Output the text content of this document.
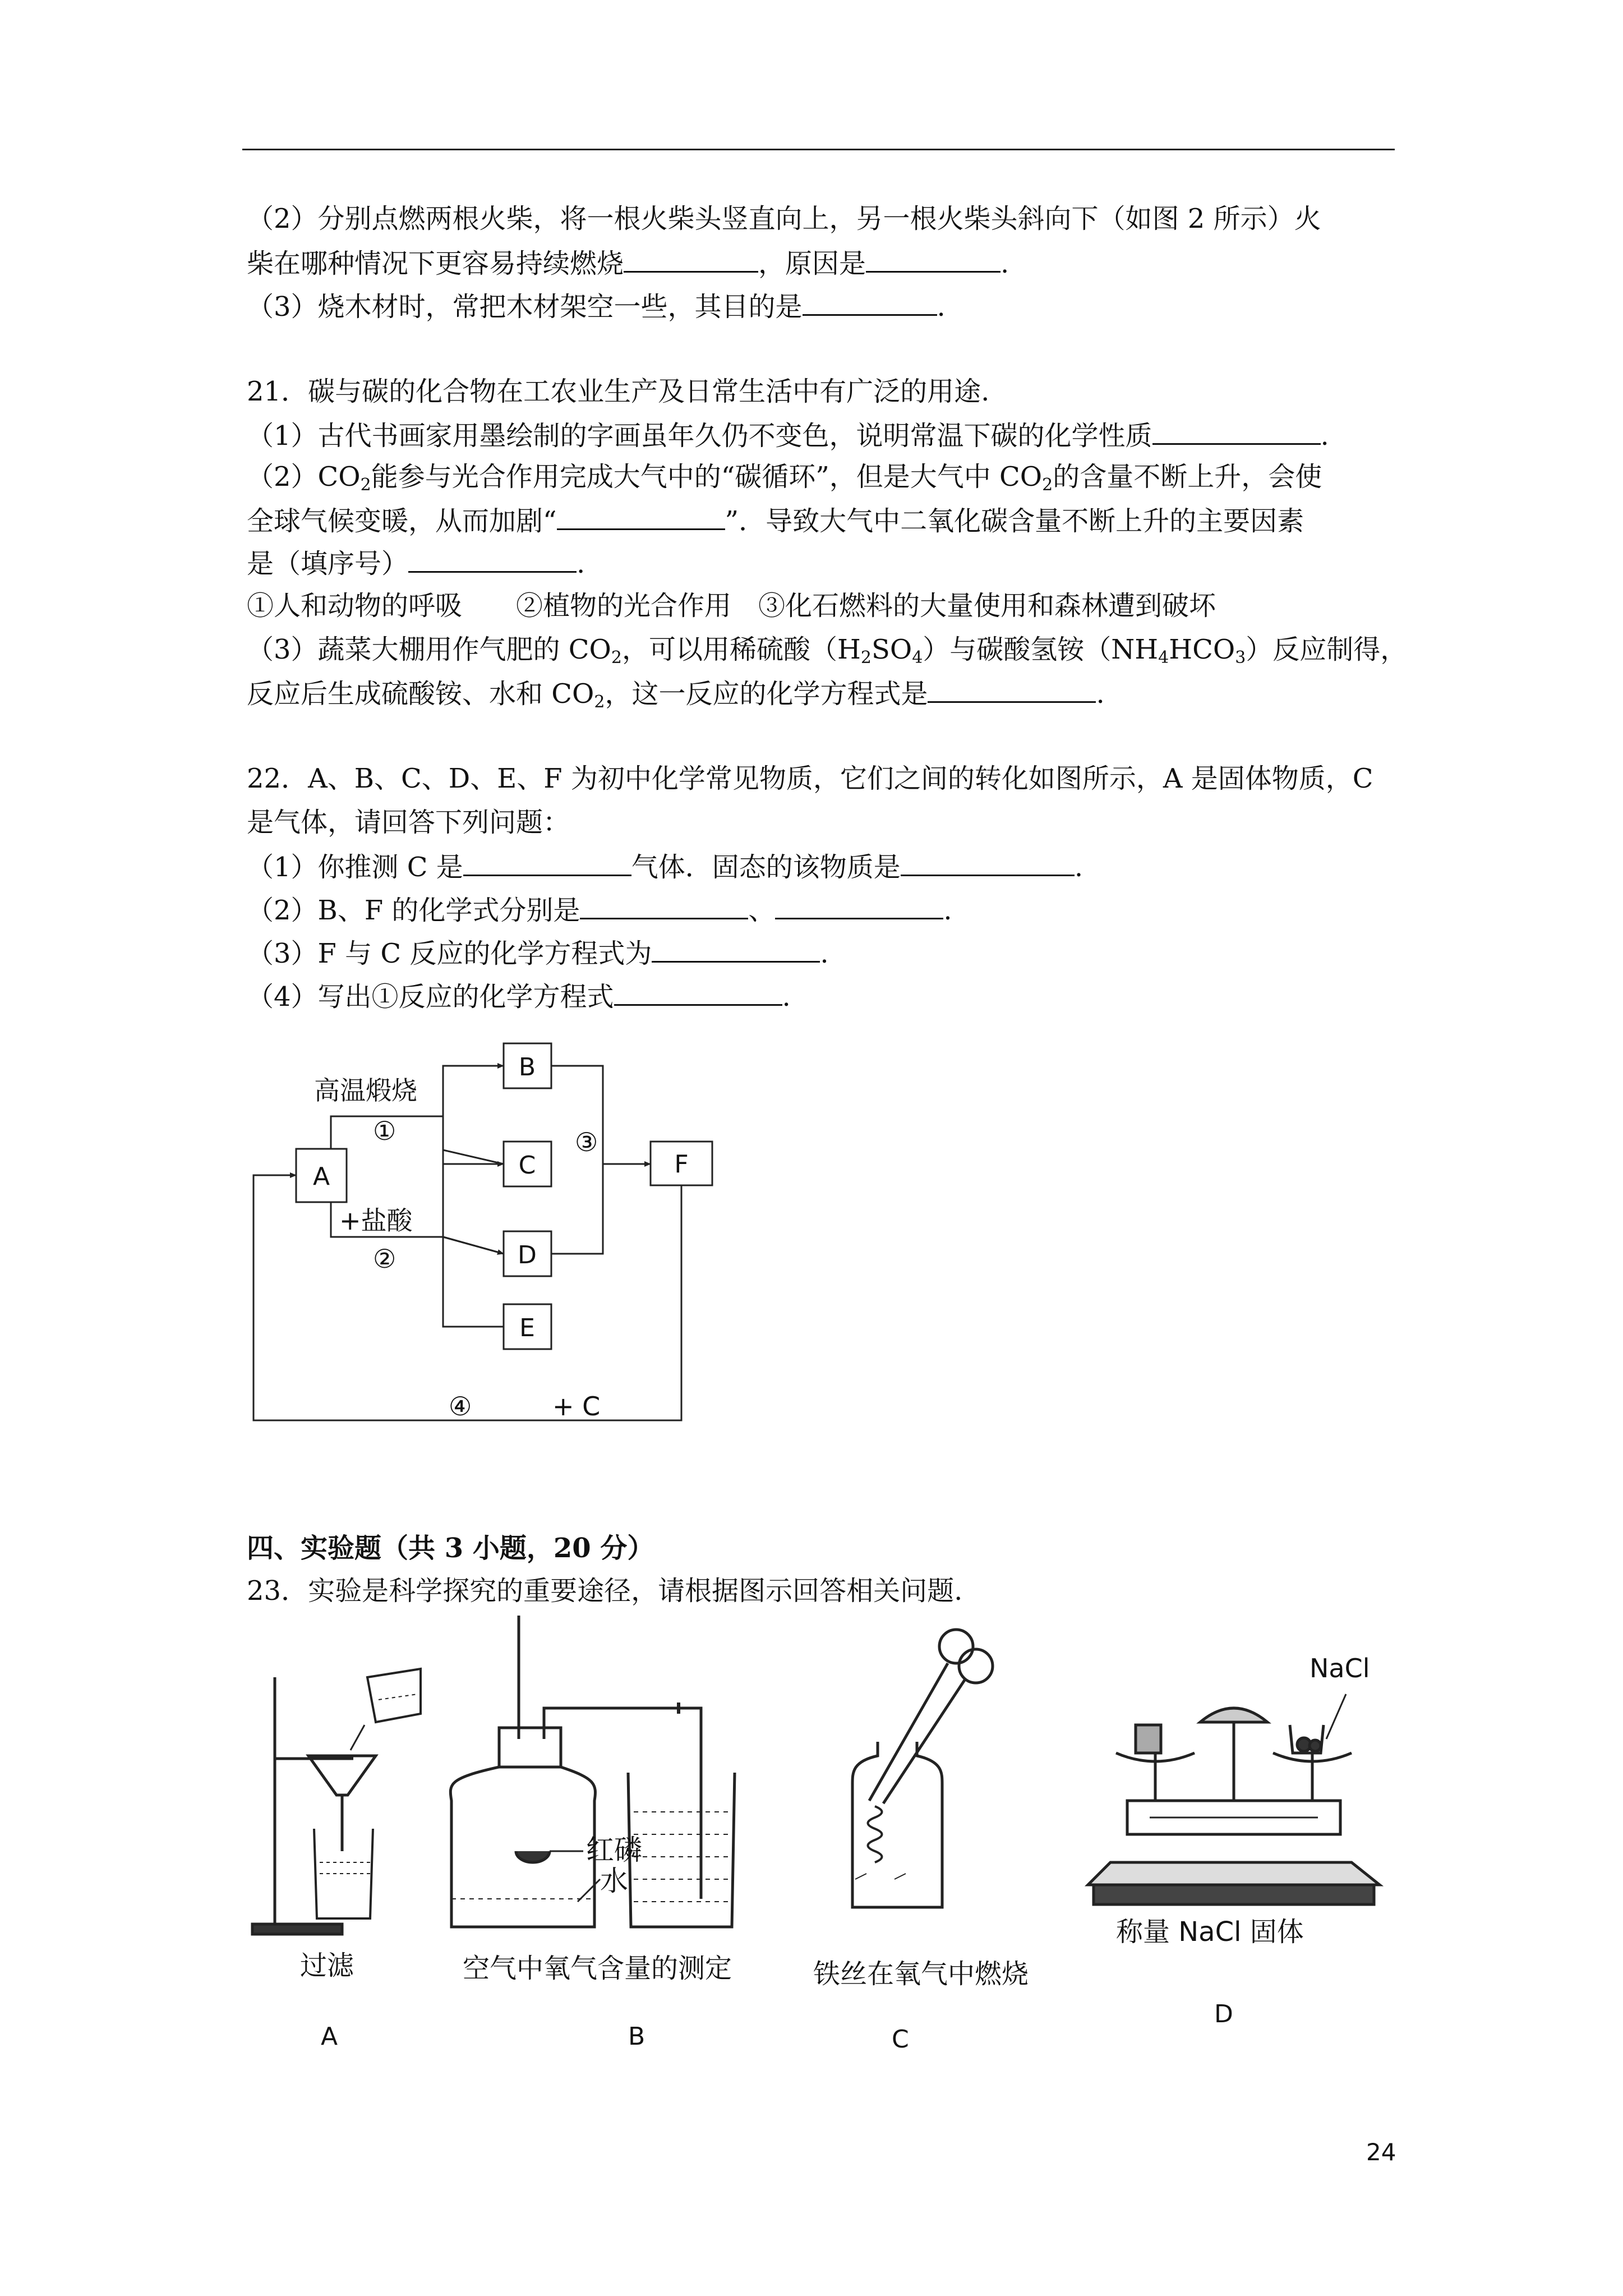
（2）分别点燃两根火柴，将一根火柴头竖直向上，另一根火柴头斜向下（如图 2 所示）火
柴在哪种情况下更容易持续燃烧	，原因是	.
（3）烧木材时，常把木材架空一些，其目的是	.
21．碳与碳的化合物在工农业生产及日常生活中有广泛的用途.
（1）古代书画家用墨绘制的字画虽年久仍不变色，说明常温下碳的化学性质	.
$(2)CO_2$能参与光合作用完成大气中的“碳循环”，但是大气中 $CO_2$的含量不断上升，会使
全球气候变暖，从而加剧“	”．导致大气中二氧化碳含量不断上升的主要因素
是（填序号）	.
①人和动物的呼吸　　②植物的光合作用　③化石燃料的大量使用和森林遭到破坏
（3）蔬菜大棚用作气肥的 $CO_2$，可以用稀硫酸$(H_2SO_4)$与碳酸氢铵$(NH_4HCO_3)$反应制得，
反应后生成硫酸铵、水和 $CO_2$，这一反应的化学方程式是	.
22．A、B、C、D、E、F 为初中化学常见物质，它们之间的转化如图所示，A 是固体物质，C
是气体，请回答下列问题：
（1）你推测 C 是	气体．固态的该物质是	.
（2）B、F 的化学式分别是	、	.
（3）F 与 C 反应的化学方程式为	.
（4）写出①反应的化学方程式	.
A
B
C
D
E
F
高温煅烧
①	③
+盐酸
②
④	+ C
四、实验题（共 3 小题，20 分）
23．实验是科学探究的重要途径，请根据图示回答相关问题.
过滤
A
红磷
水
空气中氧气含量的测定
B
铁丝在氧气中燃烧
C
NaCl
称量 NaCl 固体
D
24
